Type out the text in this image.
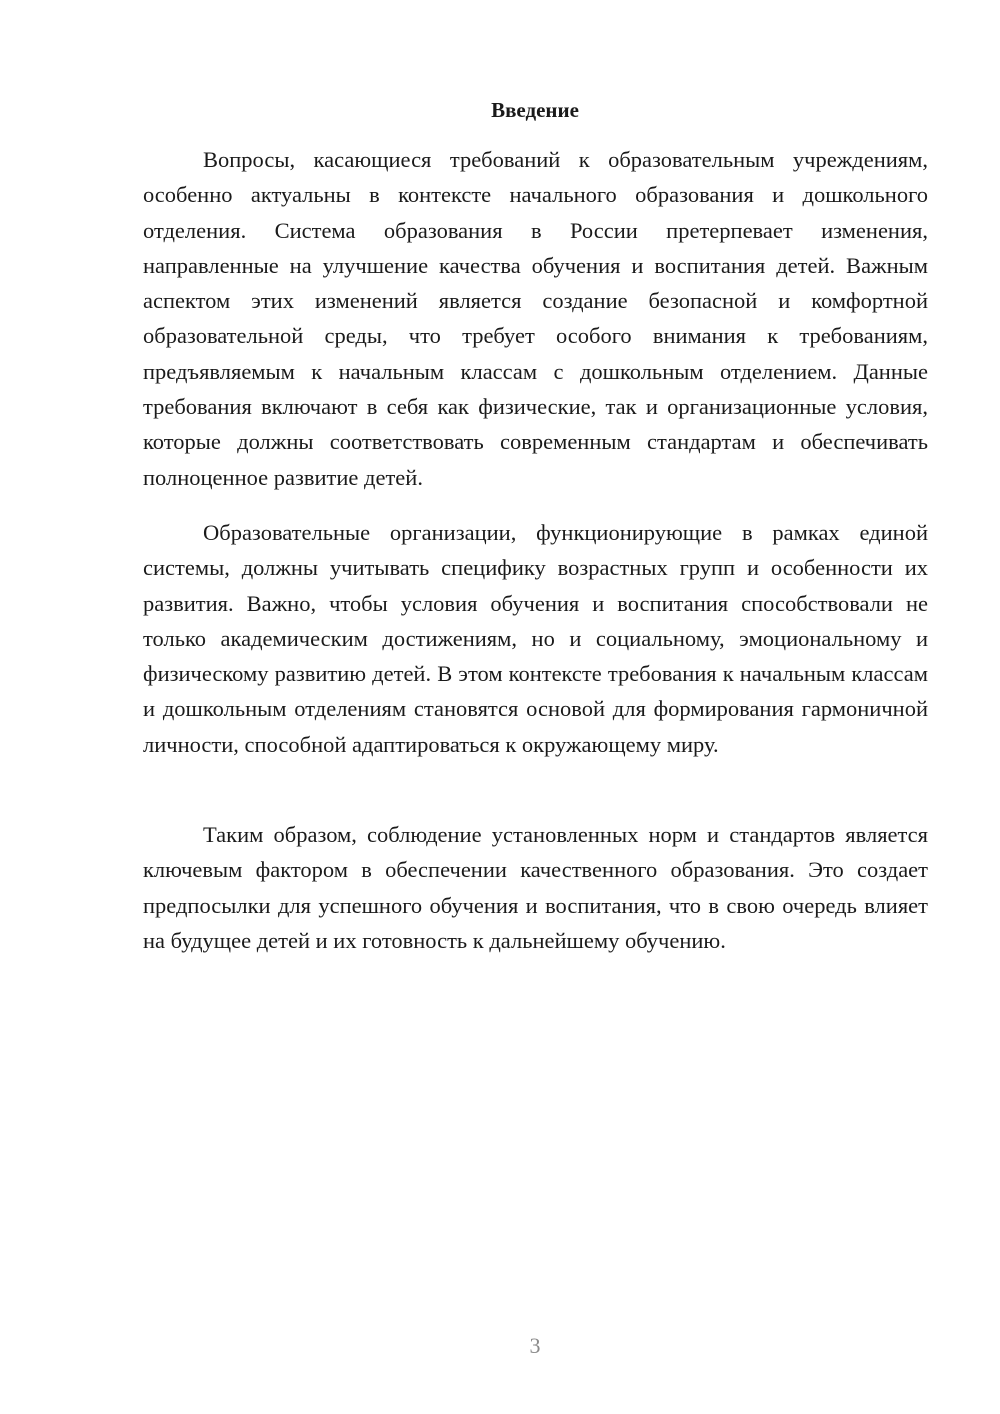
Введение

Вопросы, касающиеся требований к образовательным учреждениям, особенно актуальны в контексте начального образования и дошкольного отделения. Система образования в России претерпевает изменения, направленные на улучшение качества обучения и воспитания детей. Важным аспектом этих изменений является создание безопасной и комфортной образовательной среды, что требует особого внимания к требованиям, предъявляемым к начальным классам с дошкольным отделением. Данные требования включают в себя как физические, так и организационные условия, которые должны соответствовать современным стандартам и обеспечивать полноценное развитие детей.

Образовательные организации, функционирующие в рамках единой системы, должны учитывать специфику возрастных групп и особенности их развития. Важно, чтобы условия обучения и воспитания способствовали не только академическим достижениям, но и социальному, эмоциональному и физическому развитию детей. В этом контексте требования к начальным классам и дошкольным отделениям становятся основой для формирования гармоничной личности, способной адаптироваться к окружающему миру.

Таким образом, соблюдение установленных норм и стандартов является ключевым фактором в обеспечении качественного образования. Это создает предпосылки для успешного обучения и воспитания, что в свою очередь влияет на будущее детей и их готовность к дальнейшему обучению.

3
